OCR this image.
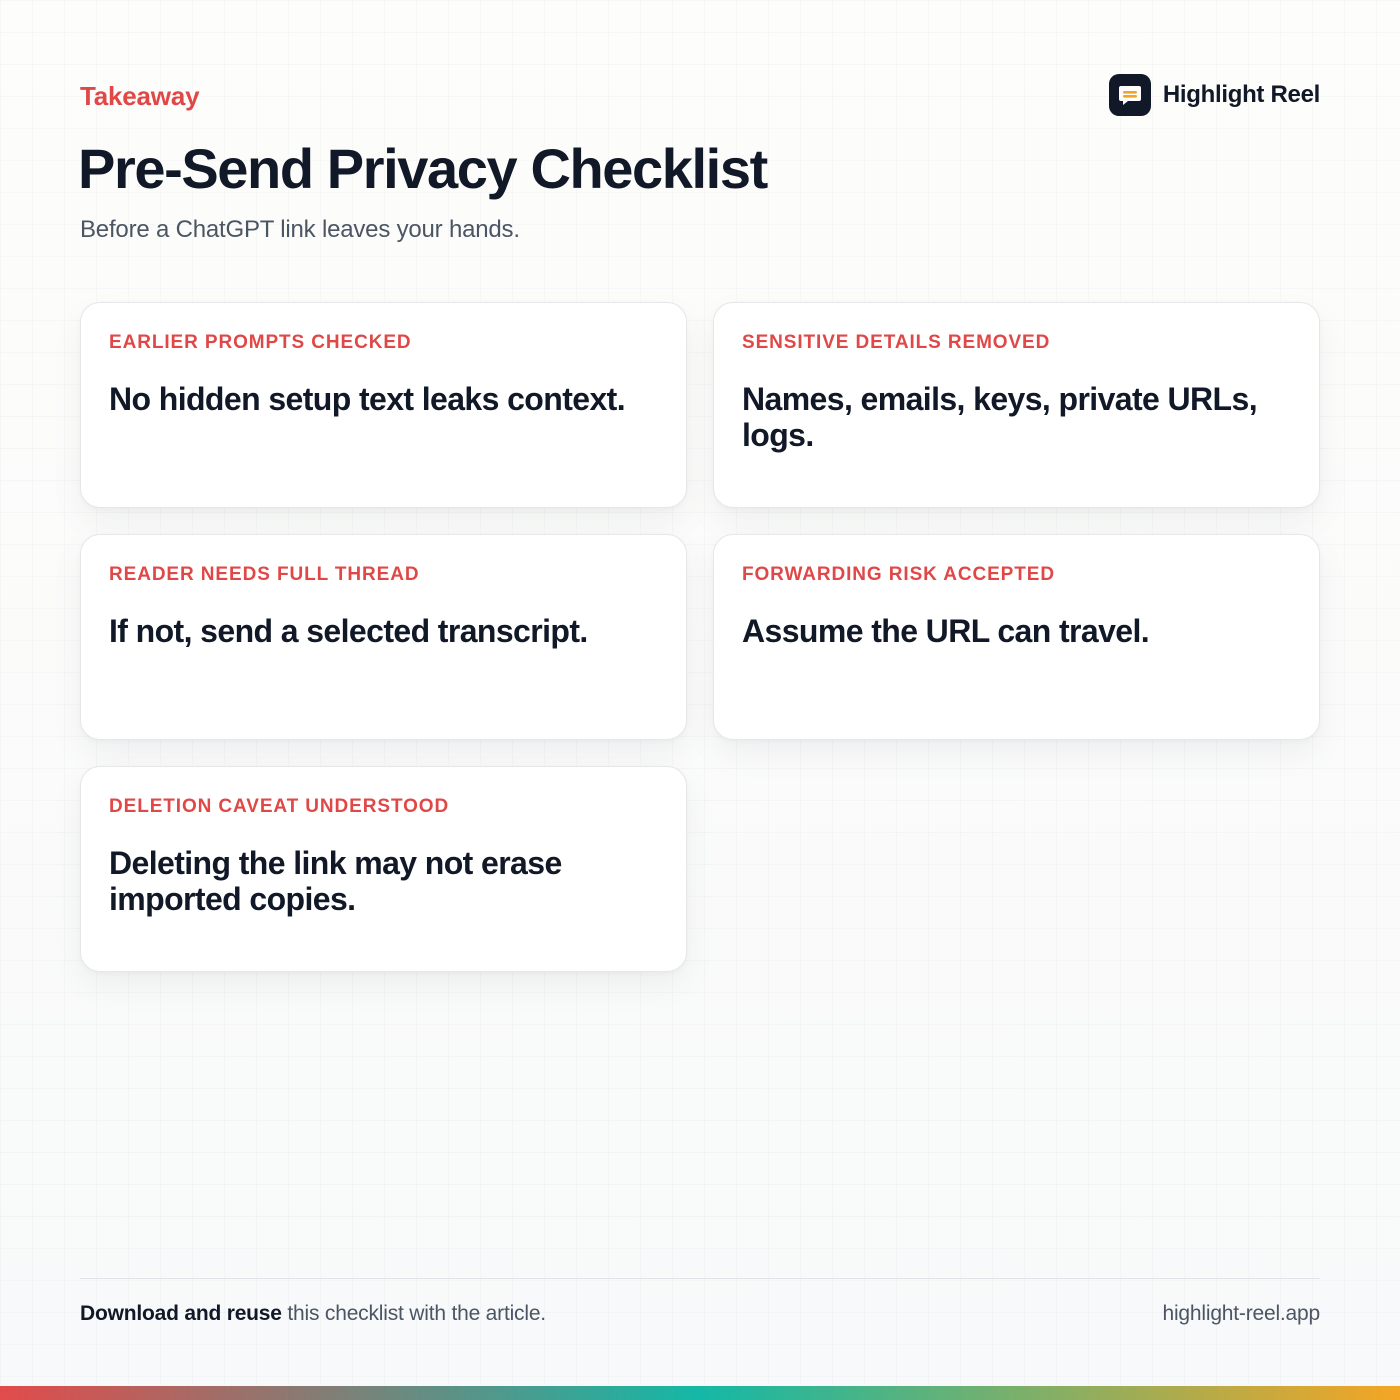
Takeaway	Highlight Reel
Pre-Send Privacy Checklist
Before a ChatGPT link leaves your hands.
EARLIER PROMPTS CHECKED
No hidden setup text leaks context.
SENSITIVE DETAILS REMOVED
Names, emails, keys, private URLs, logs.
READER NEEDS FULL THREAD
If not, send a selected transcript.
FORWARDING RISK ACCEPTED
Assume the URL can travel.
DELETION CAVEAT UNDERSTOOD
Deleting the link may not erase imported copies.
Download and reuse this checklist with the article.	highlight-reel.app
